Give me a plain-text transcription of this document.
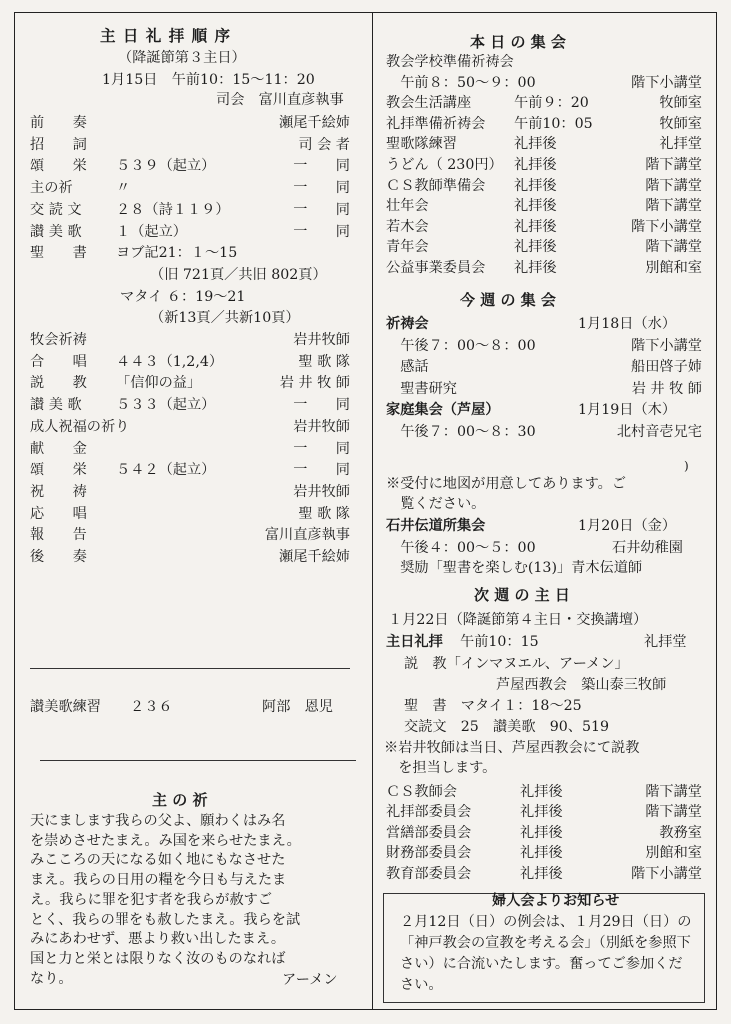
主 日 礼 拝 順 序
（降誕節第３主日）
1月15日　午前10：15～11：20
司会　富川直彦執事
前　　奏	瀬尾千絵姉
招　　詞	司 会 者
頌　　栄 ５３９（起立）	一　　同
主の祈	〃	一　　同
交 読 文 ２８（詩１１９）	一　　同
讃 美 歌 １（起立）	一　　同
聖　　書 ヨブ記21：１～15
（旧 721頁／共旧 802頁）
マタイ ６：19～21
（新13頁／共新10頁）
牧会祈祷	岩井牧師
合　　唱 ４４３（1,2,4）	聖 歌 隊
説　　教 「信仰の益」	岩 井 牧 師
讃 美 歌 ５３３（起立）	一　　同
成人祝福の祈り	岩井牧師
献　　金	一　　同
頌　　栄 ５４２（起立）	一　　同
祝　　祷	岩井牧師
応　　唱	聖 歌 隊
報　　告	富川直彦執事
後　　奏	瀬尾千絵姉
讃美歌練習 ２３６	阿部　恩児
主 の 祈
天にまします我らの父よ、願わくはみ名
を崇めさせたまえ。み国を来らせたまえ。
みこころの天になる如く地にもなさせた
まえ。我らの日用の糧を今日も与えたま
え。我らに罪を犯す者を我らが赦すご
とく、我らの罪をも赦したまえ。我らを試
みにあわせず、悪より救い出したまえ。
国と力と栄とは限りなく汝のものなれば
なり。	アーメン
本 日 の 集 会
教会学校準備祈祷会
　午前８：50～９：00	階下小講堂
教会生活講座	午前９：20	牧師室
礼拝準備祈祷会 午前10：05	牧師室
聖歌隊練習	礼拝後	礼拝堂
うどん（ 230円） 礼拝後	階下講堂
ＣＳ教師準備会 礼拝後	階下講堂
壮年会	礼拝後	階下講堂
若木会	礼拝後	階下小講堂
青年会	礼拝後	階下講堂
公益事業委員会 礼拝後	別館和室
今 週 の 集 会
祈祷会	1月18日（水）
　午後７：00～８：00	階下小講堂
　感話	船田啓子姉
　聖書研究	岩 井 牧 師
家庭集会（芦屋）	1月19日（木）
　午後７：00～８：30	北村音壱兄宅
)
※受付に地図が用意してあります。ご
　覧ください。
石井伝道所集会	1月20日（金）
　午後４：00～５：00	石井幼稚園
　奨励「聖書を楽しむ(13)」青木伝道師
次 週 の 主 日
１月22日（降誕節第４主日・交換講壇）
主日礼拝 午前10：15	礼拝堂
説　教「インマヌエル、アーメン」
芦屋西教会　築山泰三牧師
聖　書　マタイ１：18～25
交読文　25　讃美歌　90、519
※岩井牧師は当日、芦屋西教会にて説教
　を担当します。
ＣＳ教師会	礼拝後	階下講堂
礼拝部委員会	礼拝後	階下講堂
営繕部委員会	礼拝後	教務室
財務部委員会	礼拝後	別館和室
教育部委員会	礼拝後	階下小講堂
婦人会よりお知らせ
２月12日（日）の例会は、１月29日（日）の「神戸教会の宣教を考える会」（別紙を参照下さい）に合流いたします。奮ってご参加ください。
